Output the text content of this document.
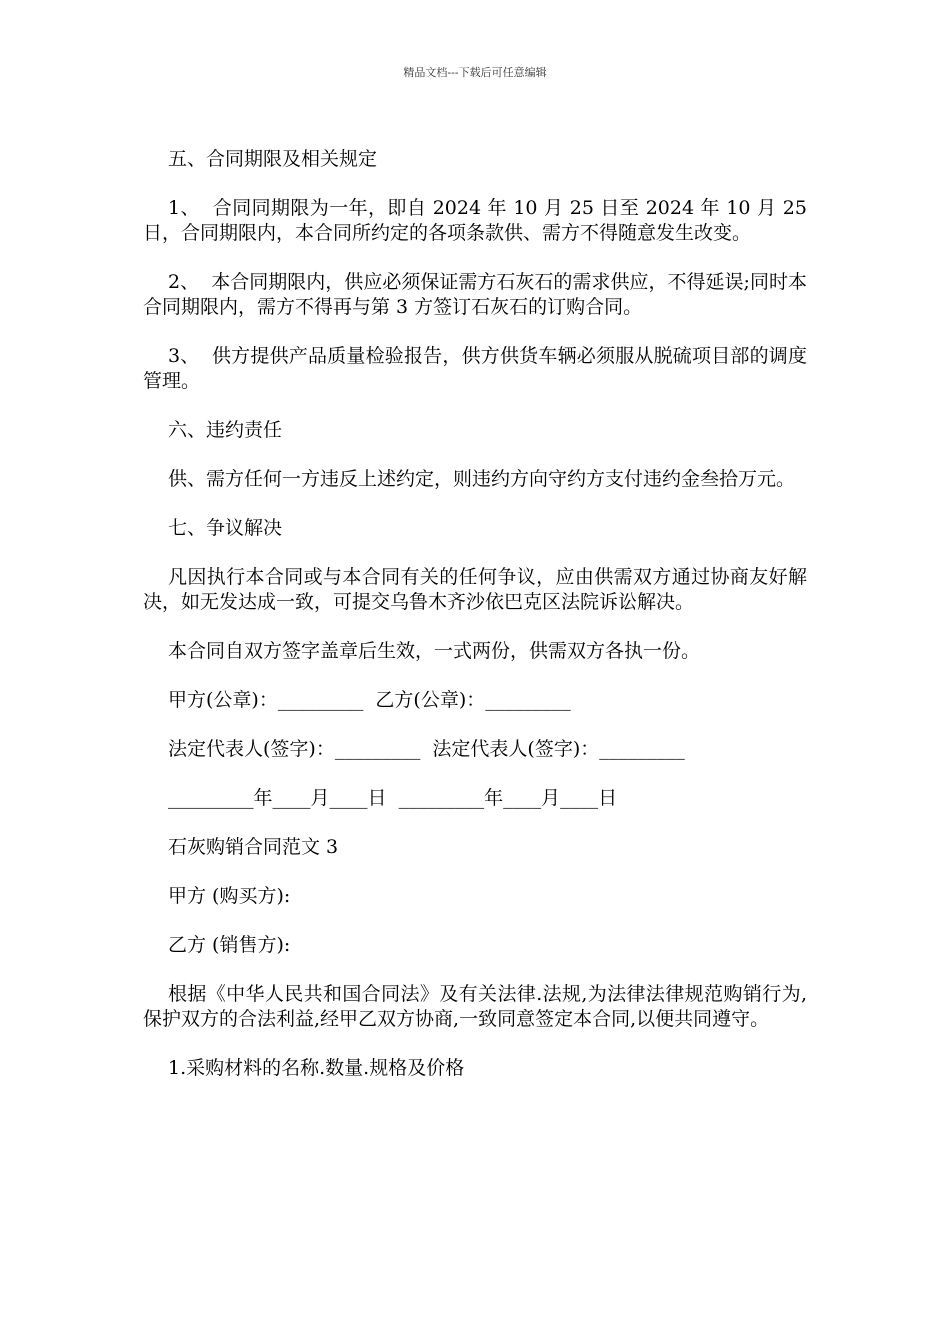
精品文档---下载后可任意编辑

五、合同期限及相关规定

1、  合同同期限为一年，即自 2024 年 10 月 25 日至 2024 年 10 月 25 日，合同期限内，本合同所约定的各项条款供、需方不得随意发生改变。

2、  本合同期限内，供应必须保证需方石灰石的需求供应，不得延误;同时本合同期限内，需方不得再与第 3 方签订石灰石的订购合同。

3、  供方提供产品质量检验报告，供方供货车辆必须服从脱硫项目部的调度管理。

六、违约责任

供、需方任何一方违反上述约定，则违约方向守约方支付违约金叁拾万元。

七、争议解决

凡因执行本合同或与本合同有关的任何争议，应由供需双方通过协商友好解决，如无发达成一致，可提交乌鲁木齐沙依巴克区法院诉讼解决。

本合同自双方签字盖章后生效，一式两份，供需双方各执一份。

甲方(公章)：_________  乙方(公章)：_________

法定代表人(签字)：_________  法定代表人(签字)：_________

_________年____月____日  _________年____月____日

石灰购销合同范文 3

甲方 (购买方):

乙方 (销售方):

根据《中华人民共和国合同法》及有关法律.法规,为法律法律规范购销行为,保护双方的合法利益,经甲乙双方协商,一致同意签定本合同,以便共同遵守。

1.采购材料的名称.数量.规格及价格
